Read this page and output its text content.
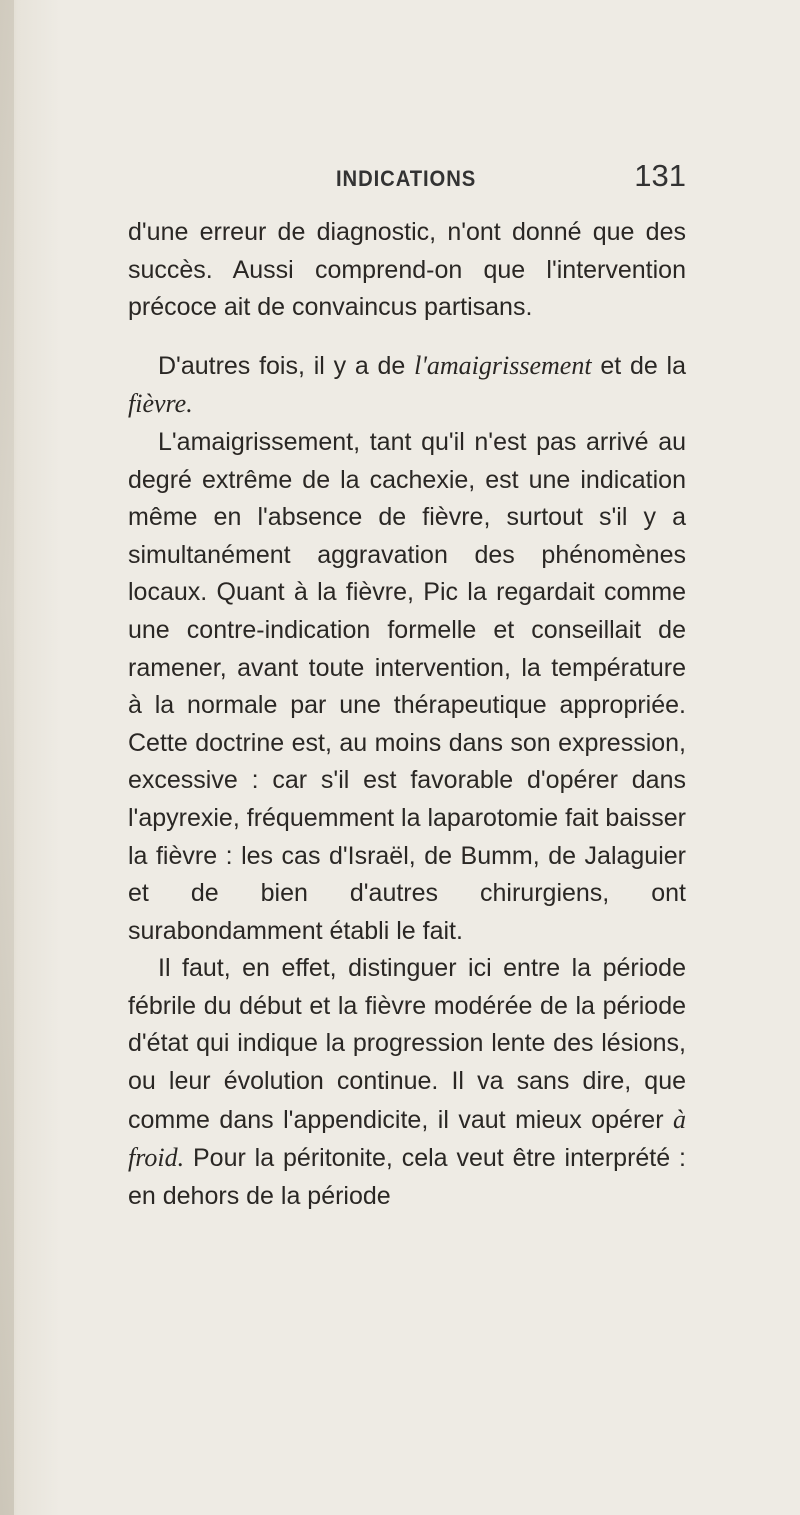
INDICATIONS	131

d'une erreur de diagnostic, n'ont donné que des succès. Aussi comprend-on que l'intervention précoce ait de convaincus partisans.

D'autres fois, il y a de l'amaigrissement et de la fièvre.

L'amaigrissement, tant qu'il n'est pas arrivé au degré extrême de la cachexie, est une indication même en l'absence de fièvre, surtout s'il y a simultanément aggravation des phénomènes locaux. Quant à la fièvre, Pic la regardait comme une contre-indication formelle et conseillait de ramener, avant toute intervention, la température à la normale par une thérapeutique appropriée. Cette doctrine est, au moins dans son expression, excessive : car s'il est favorable d'opérer dans l'apyrexie, fréquemment la laparotomie fait baisser la fièvre : les cas d'Israël, de Bumm, de Jalaguier et de bien d'autres chirurgiens, ont surabondamment établi le fait.

Il faut, en effet, distinguer ici entre la période fébrile du début et la fièvre modérée de la période d'état qui indique la progression lente des lésions, ou leur évolution continue. Il va sans dire, que comme dans l'appendicite, il vaut mieux opérer à froid. Pour la péritonite, cela veut être interprété : en dehors de la période
